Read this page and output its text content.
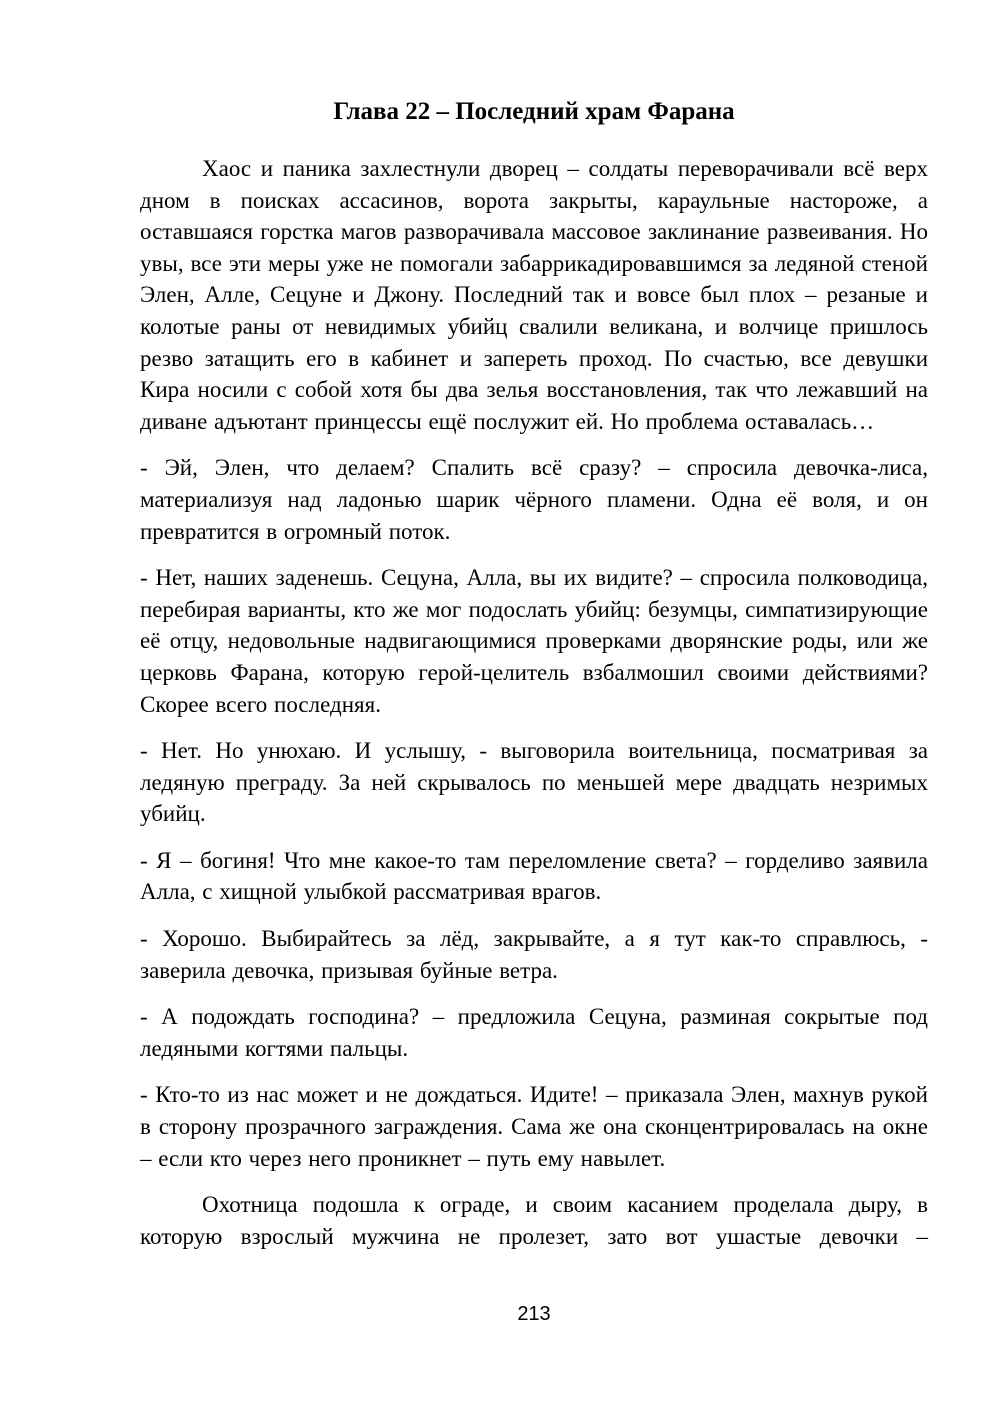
Глава 22 – Последний храм Фарана

Хаос и паника захлестнули дворец – солдаты переворачивали всё верх дном в поисках ассасинов, ворота закрыты, караульные настороже, а оставшаяся горстка магов разворачивала массовое заклинание развеивания. Но увы, все эти меры уже не помогали забаррикадировавшимся за ледяной стеной Элен, Алле, Сецуне и Джону. Последний так и вовсе был плох – резаные и колотые раны от невидимых убийц свалили великана, и волчице пришлось резво затащить его в кабинет и запереть проход. По счастью, все девушки Кира носили с собой хотя бы два зелья восстановления, так что лежавший на диване адъютант принцессы ещё послужит ей. Но проблема оставалась…

- Эй, Элен, что делаем? Спалить всё сразу? – спросила девочка-лиса, материализуя над ладонью шарик чёрного пламени. Одна её воля, и он превратится в огромный поток.

- Нет, наших заденешь. Сецуна, Алла, вы их видите? – спросила полководица, перебирая варианты, кто же мог подослать убийц: безумцы, симпатизирующие её отцу, недовольные надвигающимися проверками дворянские роды, или же церковь Фарана, которую герой-целитель взбалмошил своими действиями? Скорее всего последняя.

- Нет. Но унюхаю. И услышу, - выговорила воительница, посматривая за ледяную преграду. За ней скрывалось по меньшей мере двадцать незримых убийц.

- Я – богиня! Что мне какое-то там переломление света? – горделиво заявила Алла, с хищной улыбкой рассматривая врагов.

- Хорошо. Выбирайтесь за лёд, закрывайте, а я тут как-то справлюсь, - заверила девочка, призывая буйные ветра.

- А подождать господина? – предложила Сецуна, разминая сокрытые под ледяными когтями пальцы.

- Кто-то из нас может и не дождаться. Идите! – приказала Элен, махнув рукой в сторону прозрачного заграждения. Сама же она сконцентрировалась на окне – если кто через него проникнет – путь ему навылет.

Охотница подошла к ограде, и своим касанием проделала дыру, в которую взрослый мужчина не пролезет, зато вот ушастые девочки –

213
